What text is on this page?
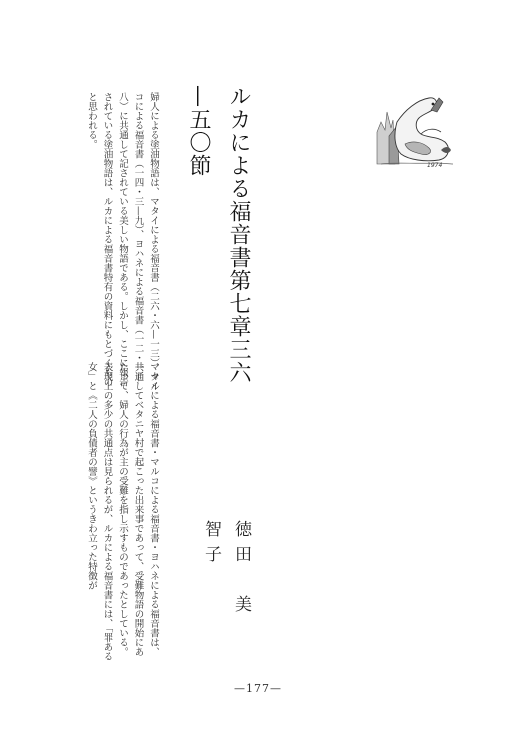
1974
ルカによる福音書第七章三六—五〇節
徳田　美智子
婦人による塗油物語は、マタイによる福音書（二六・六—一三）、マルコによる福音書（一四・三—九）、ヨハネによる福音書（一二・一—八）に共通して記されている美しい物語である。しかし、ここに報告されている塗油物語は、ルカによる福音書特有の資料にもとづくものと思われる。
マタイによる福音書・マルコによる福音書・ヨハネによる福音書は、共通してベタニヤ村で起こった出来事であって、受難物語の開始にあたって、婦人の行為が主の受難を指し示すものであったとしている。表現上の多少の共通点は見られるが、ルカによる福音書には、「罪ある女」と《二人の負債者の譬》というきわ立った特徴が
—177—
